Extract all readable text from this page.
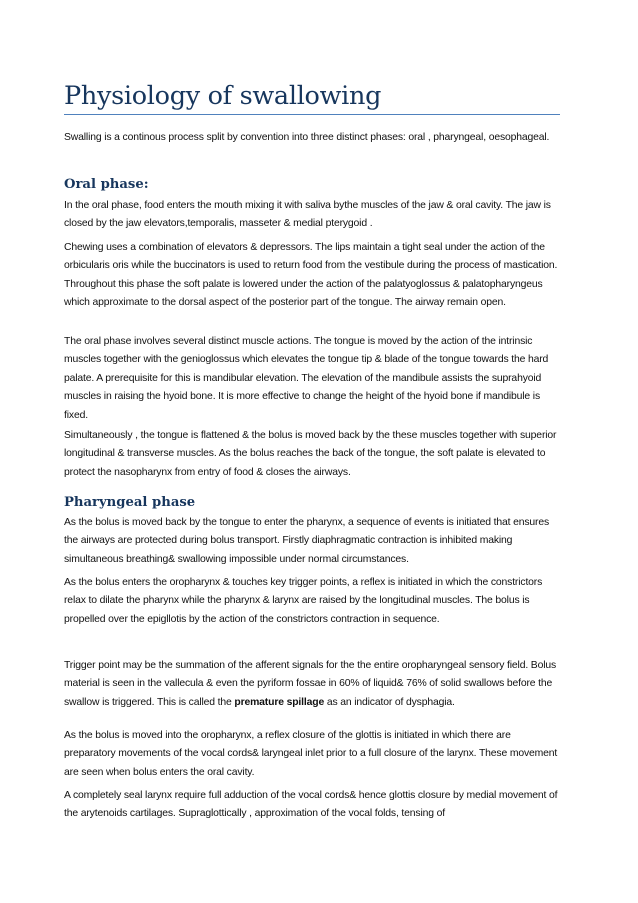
Physiology of swallowing

Swalling is a continous process split by convention into three distinct phases: oral , pharyngeal, oesophageal.

Oral phase:

In the oral phase, food enters the mouth mixing it with saliva bythe muscles of the jaw & oral cavity. The jaw is closed by the jaw elevators,temporalis, masseter & medial pterygoid .

Chewing uses a combination of elevators & depressors. The lips maintain a tight seal under the action of the orbicularis oris while the buccinators is used to return food from the vestibule during the process of mastication. Throughout this phase the soft palate is lowered under the action of the palatyoglossus & palatopharyngeus which approximate to the dorsal aspect of the posterior part of the tongue. The airway remain open.

The oral phase involves several distinct muscle actions. The tongue is moved by the action of the intrinsic muscles together with the genioglossus which elevates the tongue tip & blade of the tongue towards the hard palate. A prerequisite for this is mandibular elevation. The elevation of the mandibule assists the suprahyoid muscles in raising the hyoid bone. It is more effective to change the height of the hyoid bone if mandibule is fixed.

Simultaneously , the tongue is flattened & the bolus is moved back by the these muscles together with superior longitudinal & transverse muscles. As the bolus reaches the back of the tongue, the soft palate is elevated to protect the nasopharynx from entry of food & closes the airways.

Pharyngeal phase

As the bolus is moved back by the tongue to enter the pharynx, a sequence of events is initiated that ensures the airways are protected during bolus transport. Firstly diaphragmatic contraction is inhibited making simultaneous breathing& swallowing impossible under normal circumstances.

As the bolus enters the oropharynx & touches key trigger points, a reflex is initiated in which the constrictors relax to dilate the pharynx while the pharynx & larynx are raised by the longitudinal muscles. The bolus is propelled over the epigllotis by the action of the constrictors contraction in sequence.

Trigger point may be the summation of the afferent signals for the the entire oropharyngeal sensory field. Bolus material is seen in the vallecula & even the pyriform fossae in 60% of liquid& 76% of solid swallows before the swallow is triggered. This is called the premature spillage as an indicator of dysphagia.

As the bolus is moved into the oropharynx, a reflex closure of the glottis is initiated in which there are preparatory movements of the vocal cords& laryngeal inlet prior to a full closure of the larynx. These movement are seen when bolus enters the oral cavity.

A completely seal larynx require full adduction of the vocal cords& hence glottis closure by medial movement of the arytenoids cartilages. Supraglottically , approximation of the vocal folds, tensing of
